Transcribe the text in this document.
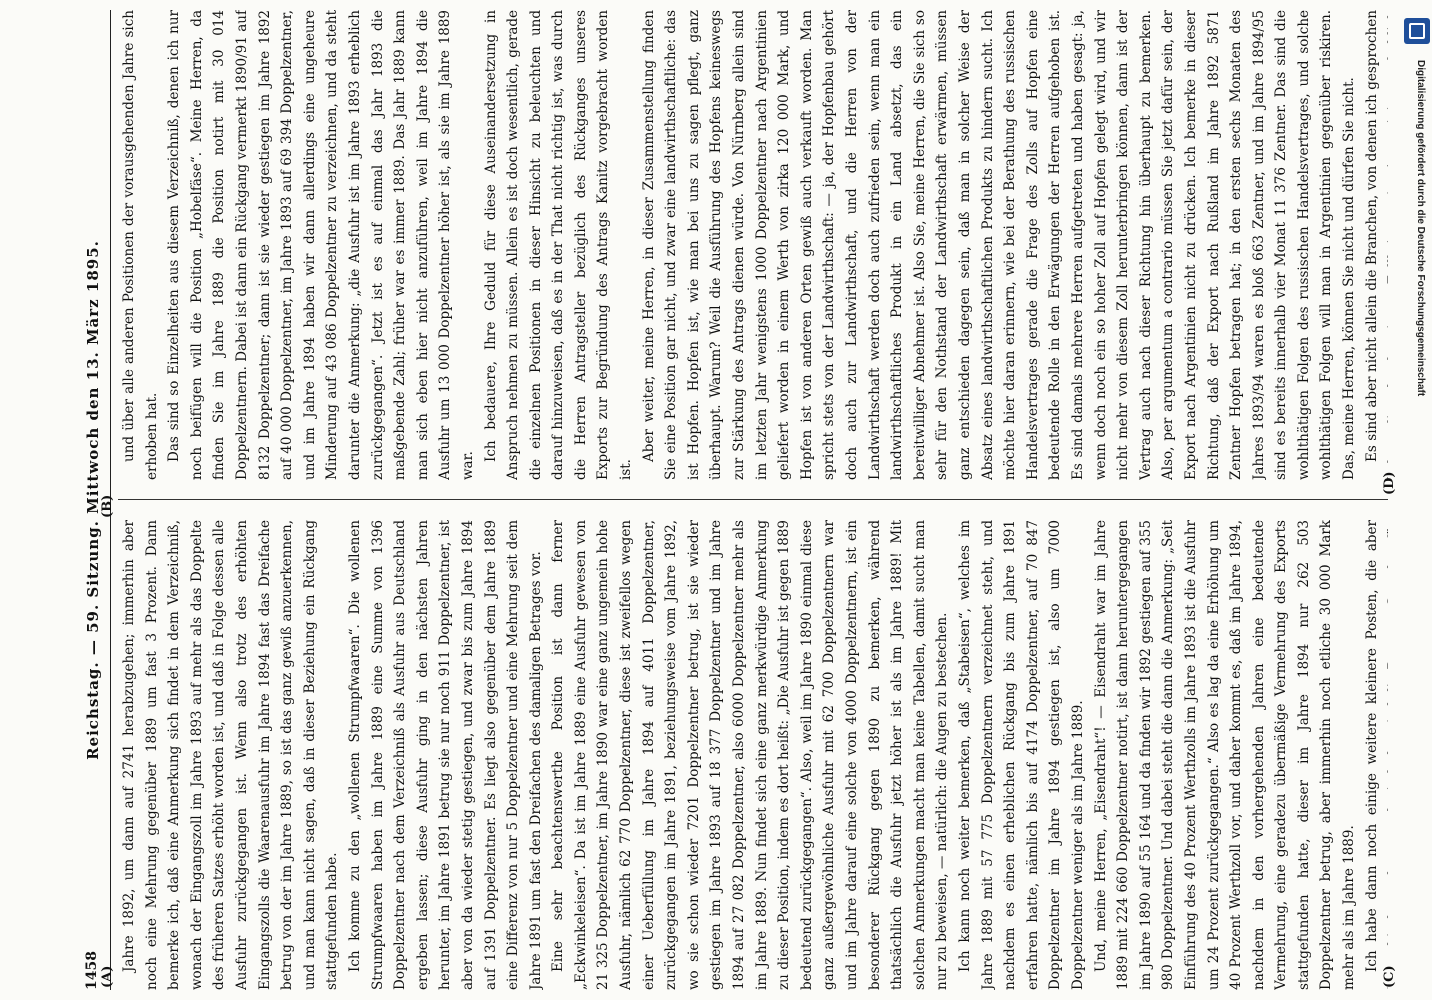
1458
Reichstag. — 59. Sitzung. Mittwoch den 13. März 1895. Jahre 1892, um dann auf 2741 herabzugehen; immerhin aber noch eine Mehrung gegenüber 1889 um fast 3 Prozent. Dann bemerke ich, daß eine Anmerkung sich findet in dem Verzeichniß, wonach der Eingangszoll im Jahre 1893 auf mehr als das Doppelte des früheren Satzes erhöht worden ist, und daß in Folge dessen alle Ausfuhr zurückgegangen ist. Wenn also trotz des erhöhten Eingangszolls die Waarenausfuhr im Jahre 1894 fast das Dreifache betrug von der im Jahre 1889, so ist das ganz gewiß anzuerkennen, und man kann nicht sagen, daß in dieser Beziehung ein Rückgang stattgefunden habe. Ich komme zu den „wollenen Strumpfwaaren“. Die wollenen Strumpfwaaren haben im Jahre 1889 eine Summe von 1396 Doppelzentner nach dem Verzeichniß als Ausfuhr aus Deutschland ergeben lassen; diese Ausfuhr ging in den nächsten Jahren herunter, im Jahre 1891 betrug sie nur noch 911 Doppelzentner, ist aber von da wieder stetig gestiegen, und zwar bis zum Jahre 1894 auf 1391 Doppelzentner. Es liegt also gegenüber dem Jahre 1889 eine Differenz von nur 5 Doppelzentner und eine Mehrung seit dem Jahre 1891 um fast den Dreifachen des damaligen Betrages vor. Eine sehr beachtenswerthe Position ist dann ferner „Eckwinkeleisen“. Da ist im Jahre 1889 eine Ausfuhr gewesen von 21 325 Doppelzentner, im Jahre 1890 war eine ganz ungemein hohe Ausfuhr, nämlich 62 770 Doppelzentner, diese ist zweifellos wegen einer Ueberfüllung im Jahre 1894 auf 4011 Doppelzentner, zurückgegangen im Jahre 1891, beziehungsweise vom Jahre 1892, wo sie schon wieder 7201 Doppelzentner betrug, ist sie wieder gestiegen im Jahre 1893 auf 18 377 Doppelzentner und im Jahre 1894 auf 27 082 Doppelzentner, also 6000 Doppelzentner mehr als im Jahre 1889. Nun findet sich eine ganz merkwürdige Anmerkung zu dieser Position, indem es dort heißt: „Die Ausfuhr ist gegen 1889 bedeutend zurückgegangen“. Also, weil im Jahre 1890 einmal diese ganz außergewöhnliche Ausfuhr mit 62 700 Doppelzentnern war und im Jahre darauf eine solche von 4000 Doppelzentnern, ist ein besonderer Rückgang gegen 1890 zu bemerken, während thatsächlich die Ausfuhr jetzt höher ist als im Jahre 1889! Mit solchen Anmerkungen macht man keine Tabellen, damit sucht man nur zu beweisen, — natürlich: die Augen zu bestechen. Ich kann noch weiter bemerken, daß „Stabeisen“, welches im Jahre 1889 mit 57 775 Doppelzentnern verzeichnet steht, und nachdem es einen erheblichen Rückgang bis zum Jahre 1891 erfahren hatte, nämlich bis auf 4174 Doppelzentner, auf 70 847 Doppelzentner im Jahre 1894 gestiegen ist, also um 7000 Doppelzentner weniger als im Jahre 1889. Und, meine Herren, „Eisendraht“! — Eisendraht war im Jahre 1889 mit 224 660 Doppelzentner notirt, ist dann heruntergegangen im Jahre 1890 auf 55 164 und da finden wir 1892 gestiegen auf 355 980 Doppelzentner. Und dabei steht die dann die Anmerkung: „Seit Einführung des 40 Prozent Werthzolls im Jahre 1893 ist die Ausfuhr um 24 Prozent zurückgegangen.“ Also es lag da eine Erhöhung um 40 Prozent Werthzoll vor, und daher kommt es, daß im Jahre 1894, nachdem in den vorhergehenden Jahren eine bedeutende Vermehrung, eine geradezu übermäßige Vermehrung des Exports stattgefunden hatte, dieser im Jahre 1894 nur 262 503 Doppelzentner betrug, aber immerhin noch etliche 30 000 Mark mehr als im Jahre 1889. Ich habe dann noch einige weitere kleinere Posten, die aber

und über alle anderen Positionen der vorausgehenden Jahre sich erhoben hat. Das sind so Einzelheiten aus diesem Verzeichniß, denen ich nur noch beifügen will die Position „Hobelfäse“. Meine Herren, da finden Sie im Jahre 1889 die Position notirt mit 30 014 Doppelzentnern. Dabei ist dann ein Rückgang vermerkt 1890/91 auf 8132 Doppelzentner; dann ist sie wieder gestiegen im Jahre 1892 auf 40 000 Doppelzentner, im Jahre 1893 auf 69 394 Doppelzentner, und im Jahre 1894 haben wir dann allerdings eine ungeheure Minderung auf 43 086 Doppelzentner zu verzeichnen, und da steht darunter die Anmerkung: „die Ausfuhr ist im Jahre 1893 erheblich zurückgegangen“. Jetzt ist es auf einmal das Jahr 1893 die maßgebende Zahl; früher war es immer 1889. Das Jahr 1889 kann man sich eben hier nicht anzuführen, weil im Jahre 1894 die Ausfuhr um 13 000 Doppelzentner höher ist, als sie im Jahre 1889 war.

Ich bedauere, Ihre Geduld für diese Auseinandersetzung in Anspruch nehmen zu müssen. Allein es ist doch wesentlich, gerade die einzelnen Positionen in dieser Hinsicht zu beleuchten und darauf hinzuweisen, daß es in der That nicht richtig ist, was durch die Herren Antragsteller bezüglich des Rückganges unseres Exports zur Begründung des Antrags Kanitz vorgebracht worden ist.

Aber weiter, meine Herren, in dieser Zusammenstellung finden Sie eine Position gar nicht, und zwar eine landwirthschaftliche: das ist Hopfen. Hopfen ist, wie man bei uns zu sagen pflegt, ganz überhaupt. Warum? Weil die Ausführung des Hopfens keineswegs zur Stärkung des Antrags dienen würde. Von Nürnberg allein sind im letzten Jahr wenigstens 1000 Doppelzentner nach Argentinien geliefert worden in einem Werth von zirka 120 000 Mark, und Hopfen ist von anderen Orten gewiß auch verkauft worden. Man spricht stets von der Landwirthschaft: — ja, der Hopfenbau gehört doch auch zur Landwirthschaft, und die Herren von der Landwirthschaft werden doch auch zufrieden sein, wenn man ein landwirthschaftliches Produkt in ein Land absetzt, das ein bereitwilliger Abnehmer ist. Also Sie, meine Herren, die Sie sich so sehr für den Nothstand der Landwirthschaft erwärmen, müssen ganz entschieden dagegen sein, daß man in solcher Weise der Absatz eines landwirthschaftlichen Produkts zu hindern sucht. Ich möchte hier daran erinnern, wie bei der Berathung des russischen Handelsvertrages gerade die Frage des Zolls auf Hopfen eine bedeutende Rolle in den Erwägungen der Herren aufgehoben ist. Es sind damals mehrere Herren aufgetreten und haben gesagt: ja, wenn doch noch ein so hoher Zoll auf Hopfen gelegt wird, und wir nicht mehr von diesem Zoll herunterbringen können, dann ist der Vertrag auch nach dieser Richtung hin überhaupt zu bemerken. Also, per argumentum a contrario müssen Sie jetzt dafür sein, der Export nach Argentinien nicht zu drücken. Ich bemerke in dieser Richtung, daß der Export nach Rußland im Jahre 1892 5871 Zentner Hopfen betragen hat; in den ersten sechs Monaten des Jahres 1893/94 waren es bloß 663 Zentner, und im Jahre 1894/95 sind es bereits innerhalb vier Monat 11 376 Zentner. Das sind die wohlthätigen Folgen des russischen Handelsvertrages, und solche wohlthätigen Folgen will man in Argentinien gegenüber riskiren. Das, meine Herren, können Sie nicht und dürfen Sie nicht. Es sind aber nicht allein die Branchen, von denen ich gesprochen

(A)
(B)
(C)
(D)
Digitalisierung gefördert durch die Deutsche Forschungsgemeinschaft
